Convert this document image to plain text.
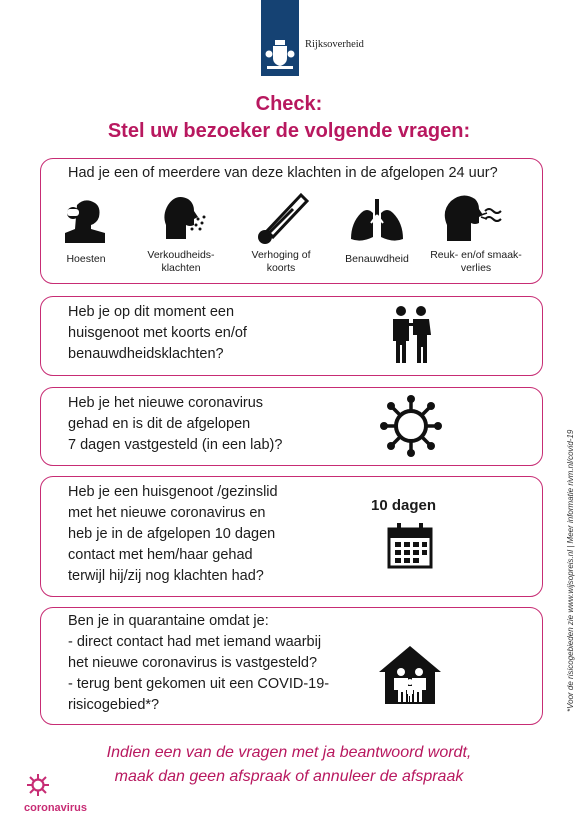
Rijksoverheid
Check:
Stel uw bezoeker de volgende vragen:
Had je een of meerdere van deze klachten in de afgelopen 24 uur?
Hoesten	Verkoudheids-
klachten
Verhoging of
koorts
Benauwdheid	Reuk- en/of smaak-
verlies
Heb je op dit moment een
huisgenoot met koorts en/of
benauwdheidsklachten?
Heb je het nieuwe coronavirus
gehad en is dit de afgelopen
7 dagen vastgesteld (in een lab)?
Heb je een huisgenoot /gezinslid
met het nieuwe coronavirus en
heb je in de afgelopen 10 dagen
contact met hem/haar gehad
terwijl hij/zij nog klachten had?
10 dagen
Ben je in quarantaine omdat je:
- direct contact had met iemand waarbij
het nieuwe coronavirus is vastgesteld?
- terug bent gekomen uit een COVID-19-
risicogebied*?
Indien een van de vragen met ja beantwoord wordt,
maak dan geen afspraak of annuleer de afspraak
*Voor de risicogebieden zie www.wijsopreis.nl | Meer informatie rivm.nl/covid-19
coronavirus
